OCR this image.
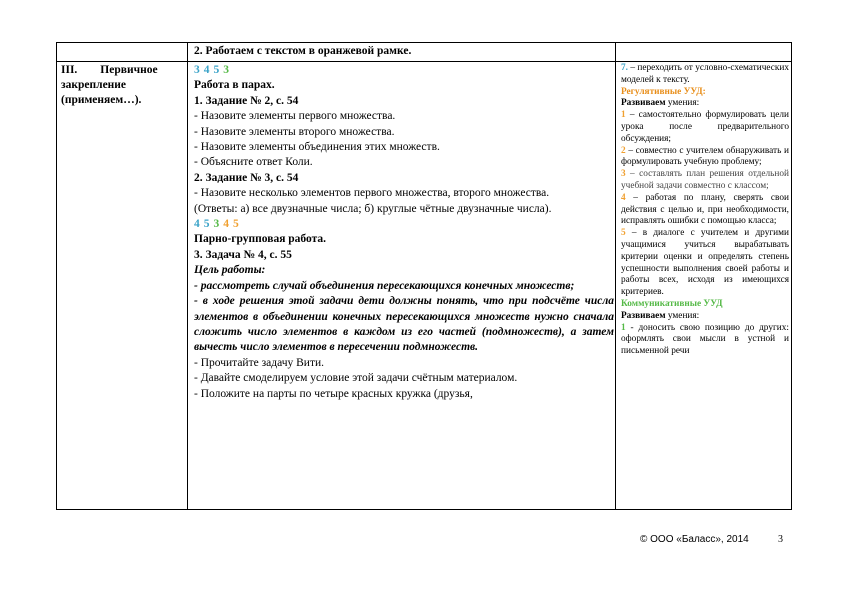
2. Работаем с текстом в оранжевой рамке.

III.        Первичное

закрепление

(применяем…).

3 4 5 3

Работа в парах.

1. Задание № 2, с. 54

- Назовите элементы первого множества.

- Назовите элементы второго множества.

- Назовите элементы объединения этих множеств.

- Объясните ответ Коли.

2. Задание № 3, с. 54

- Назовите несколько элементов первого множества, второго множества.

(Ответы: а) все двузначные числа; б) круглые чётные двузначные числа).

4 5 3 4 5

Парно-групповая работа.

3. Задача № 4, с. 55

Цель работы:

- рассмотреть случай объединения пересекающихся конечных множеств;

- в ходе решения этой задачи дети должны понять, что при подсчёте числа элементов в объединении конечных пересекающихся множеств нужно сначала сложить число элементов в каждом из его частей (подмножеств), а затем вычесть число элементов в пересечении подмножеств.

- Прочитайте задачу Вити.

- Давайте смоделируем условие этой задачи счётным материалом.

- Положите на парты по четыре красных кружка (друзья,

7. – переходить от условно-схематических моделей к тексту.

Регулятивные УУД:

Развиваем умения:

1 – самостоятельно формулировать цели урока после предварительного обсуждения;

2 – совместно с учителем обнаруживать и формулировать учебную проблему;

3 – составлять план решения отдельной учебной задачи совместно с классом;

4 – работая по плану, сверять свои действия с целью и, при необходимости, исправлять ошибки с помощью класса;

5 – в диалоге с учителем и другими учащимися учиться вырабатывать критерии оценки и определять степень успешности выполнения своей работы и работы всех, исходя из имеющихся критериев.

Коммуникативные УУД

Развиваем умения:

1 - доносить свою позицию до других: оформлять свои мысли в устной и письменной речи

© ООО «Баласс», 2014	3
